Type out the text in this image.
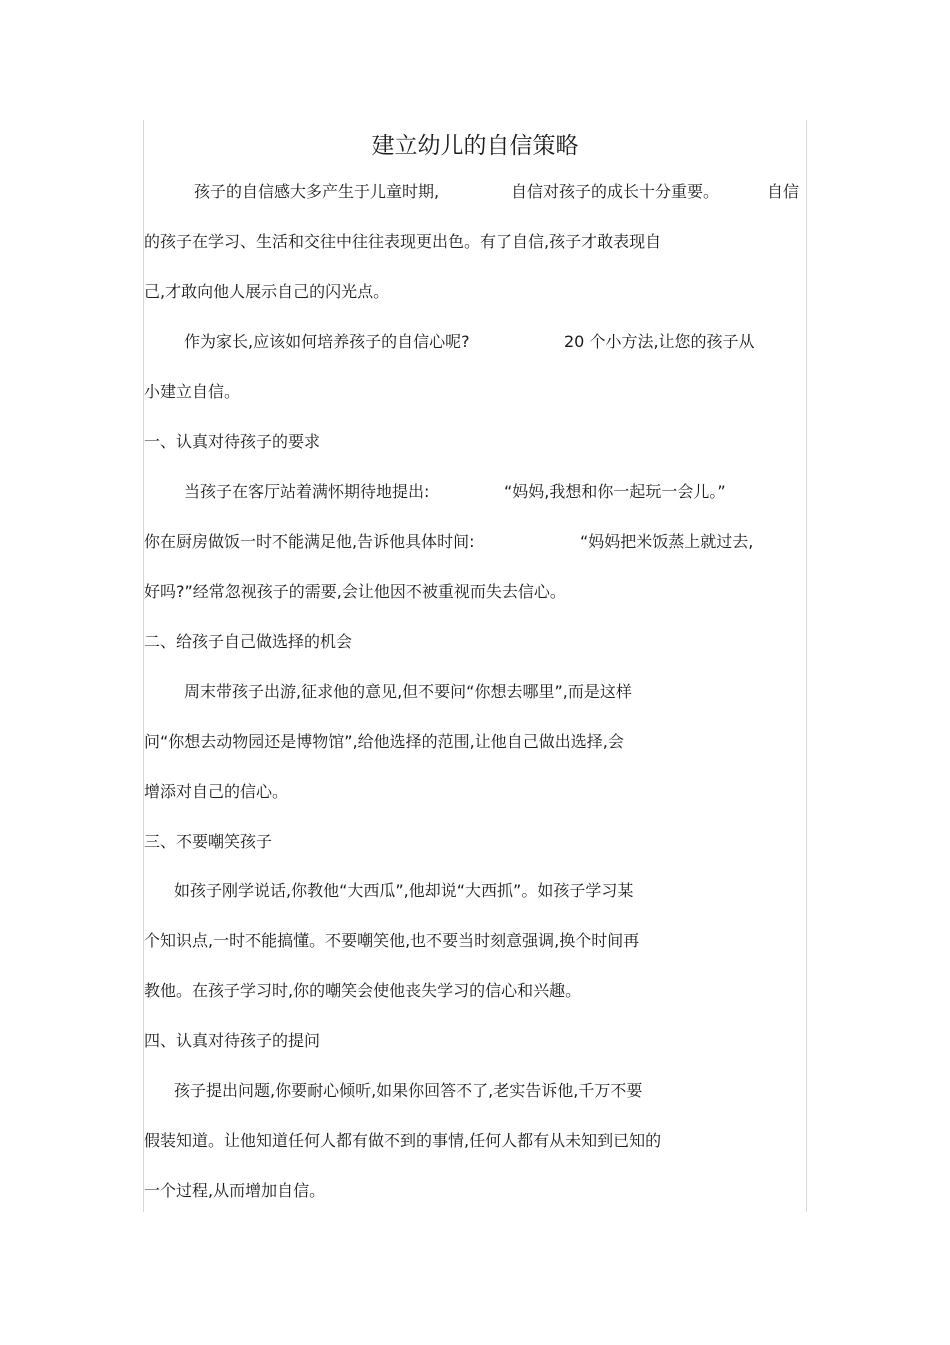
建立幼儿的自信策略
孩子的自信感大多产生于儿童时期,	自信对孩子的成长十分重要。	自信
的孩子在学习、生活和交往中往往表现更出色。有了自信,孩子才敢表现自
己,才敢向他人展示自己的闪光点。
作为家长,应该如何培养孩子的自信心呢?	20 个小方法,让您的孩子从
小建立自信。
一、认真对待孩子的要求
当孩子在客厅站着满怀期待地提出:	“妈妈,我想和你一起玩一会儿。”
你在厨房做饭一时不能满足他,告诉他具体时间:	“妈妈把米饭蒸上就过去,
好吗?”经常忽视孩子的需要,会让他因不被重视而失去信心。
二、给孩子自己做选择的机会
周末带孩子出游,征求他的意见,但不要问“你想去哪里”,而是这样
问“你想去动物园还是博物馆”,给他选择的范围,让他自己做出选择,会
增添对自己的信心。
三、不要嘲笑孩子
如孩子刚学说话,你教他“大西瓜”,他却说“大西抓”。如孩子学习某
个知识点,一时不能搞懂。不要嘲笑他,也不要当时刻意强调,换个时间再
教他。在孩子学习时,你的嘲笑会使他丧失学习的信心和兴趣。
四、认真对待孩子的提问
孩子提出问题,你要耐心倾听,如果你回答不了,老实告诉他,千万不要
假装知道。让他知道任何人都有做不到的事情,任何人都有从未知到已知的
一个过程,从而增加自信。
